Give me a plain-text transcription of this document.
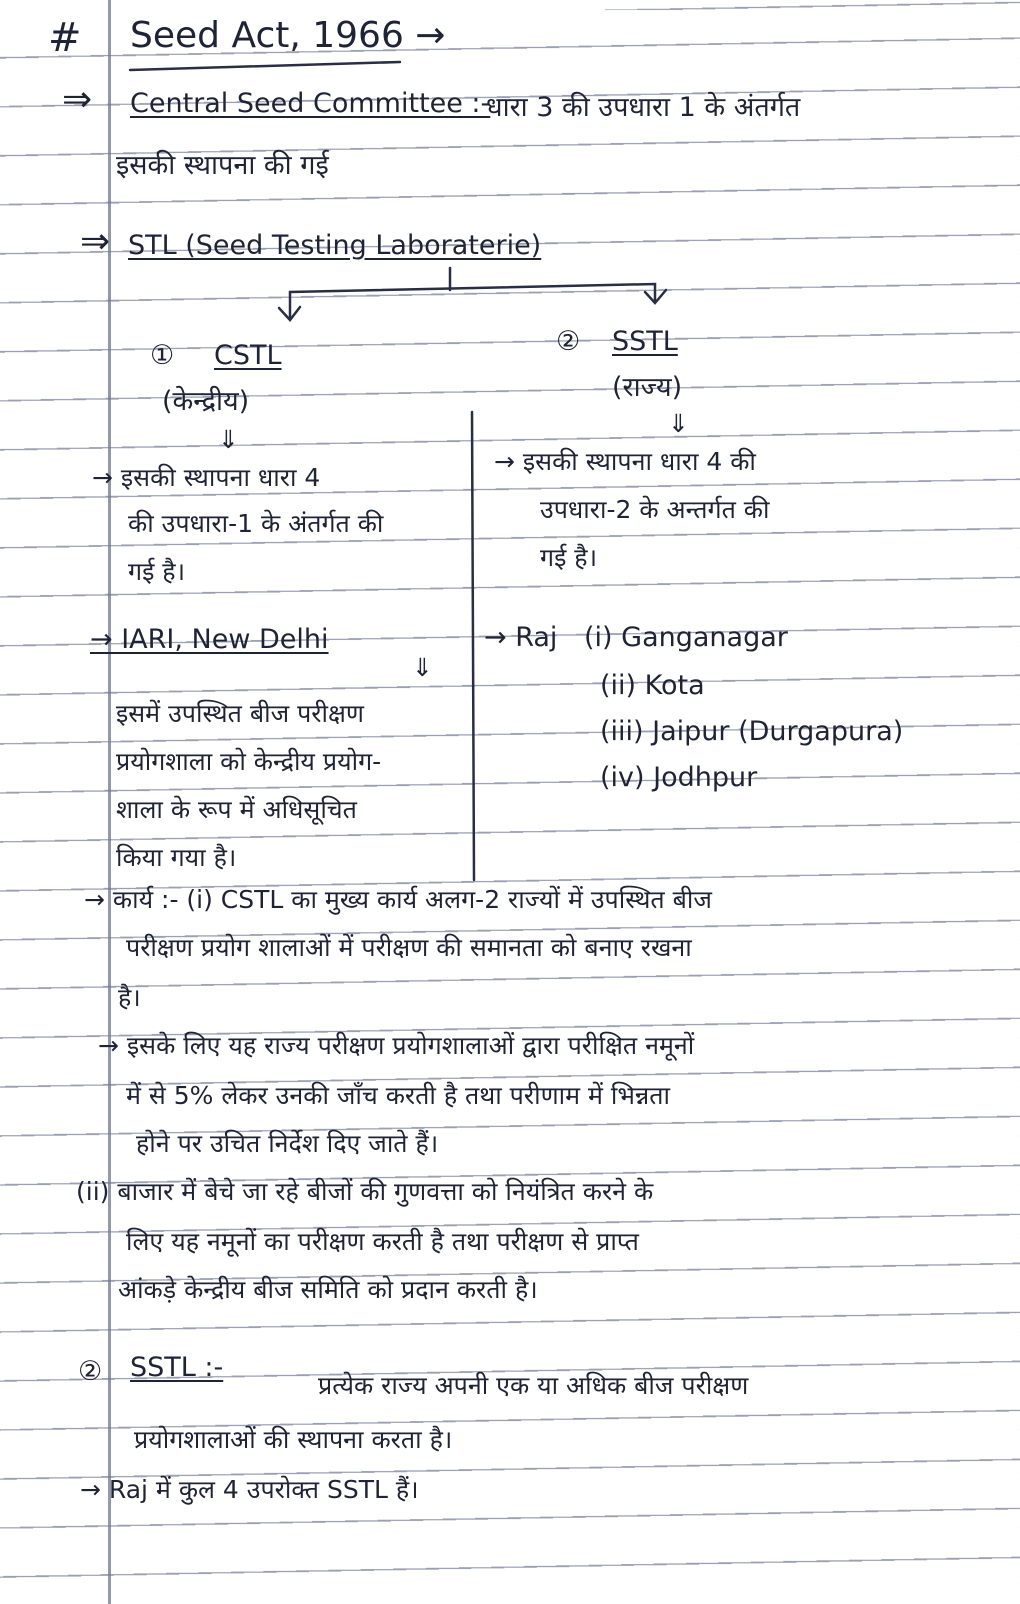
# Seed Act, 1966 →
⇒ Central Seed Committee :-
धारा 3 की उपधारा 1 के अंतर्गत
इसकी स्थापना की गई
⇒ STL (Seed Testing Laboraterie)
① CSTL
(केन्द्रीय)
⇓
② SSTL
(राज्य)
⇓
→ इसकी स्थापना धारा 4
की उपधारा-1 के अंतर्गत की
गई है।
→ इसकी स्थापना धारा 4 की
उपधारा-2 के अन्तर्गत की
गई है।
→ IARI, New Delhi
⇓
इसमें उपस्थित बीज परीक्षण
प्रयोगशाला को केन्द्रीय प्रयोग-
शाला के रूप में अधिसूचित
किया गया है।
→ Raj (i) Ganganagar
(ii) Kota
(iii) Jaipur (Durgapura)
(iv) Jodhpur
→ कार्य :- (i) CSTL का मुख्य कार्य अलग-2 राज्यों में उपस्थित बीज
परीक्षण प्रयोग शालाओं में परीक्षण की समानता को बनाए रखना
है।
→ इसके लिए यह राज्य परीक्षण प्रयोगशालाओं द्वारा परीक्षित नमूनों
में से 5% लेकर उनकी जाँच करती है तथा परीणाम में भिन्नता
होने पर उचित निर्देश दिए जाते हैं।
(ii) बाजार में बेचे जा रहे बीजों की गुणवत्ता को नियंत्रित करने के
लिए यह नमूनों का परीक्षण करती है तथा परीक्षण से प्राप्त
आंकड़े केन्द्रीय बीज समिति को प्रदान करती है।
② SSTL :-
प्रत्येक राज्य अपनी एक या अधिक बीज परीक्षण
प्रयोगशालाओं की स्थापना करता है।
→ Raj में कुल 4 उपरोक्त SSTL हैं।
